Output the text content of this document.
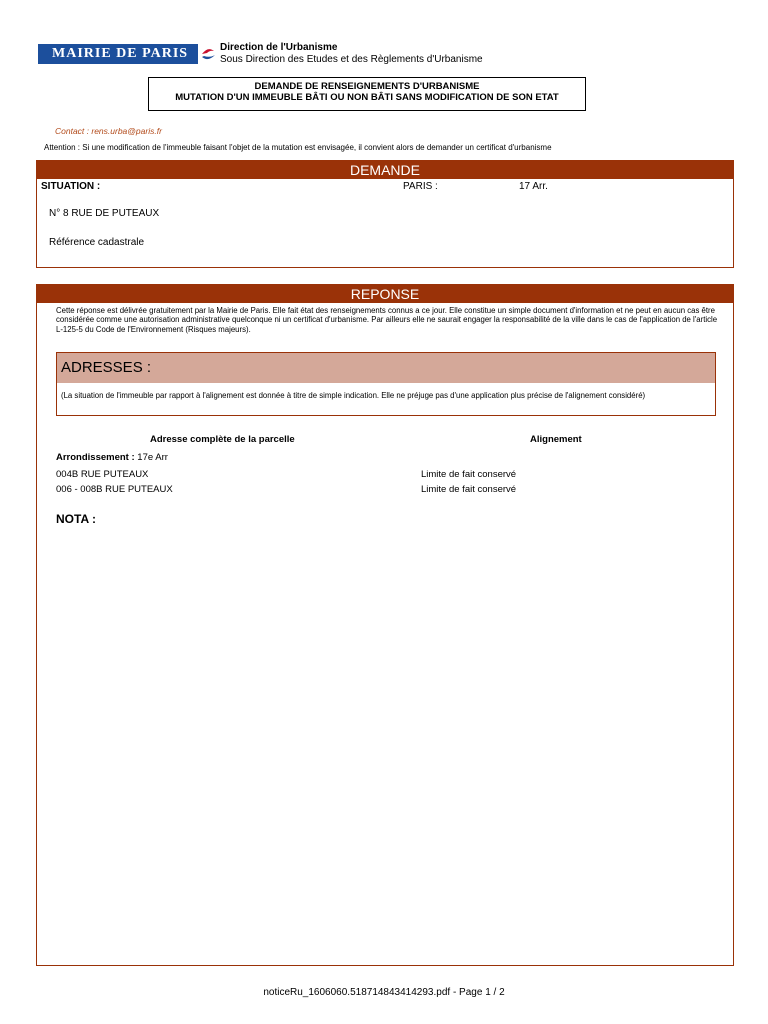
MAIRIE DE PARIS	Direction de l'Urbanisme
Sous Direction des Etudes et des Règlements d'Urbanisme
DEMANDE DE RENSEIGNEMENTS D'URBANISME
MUTATION D'UN IMMEUBLE BÂTI OU NON BÂTI SANS MODIFICATION DE SON ETAT
Contact : rens.urba@paris.fr
Attention : Si une modification de l'immeuble faisant l'objet de la mutation est envisagée, il convient alors de demander un certificat d'urbanisme
DEMANDE
SITUATION :	PARIS :	17 Arr.
N° 8 RUE DE PUTEAUX
Référence cadastrale
REPONSE
Cette réponse est délivrée gratuitement par la Mairie de Paris. Elle fait état des renseignements connus a ce jour. Elle constitue un simple document d'information et ne peut en aucun cas être considérée comme une autorisation administrative quelconque ni un certificat d'urbanisme. Par ailleurs elle ne saurait engager la responsabilité de la ville dans le cas de l'application de l'article L-125-5 du Code de l'Environnement (Risques majeurs).
ADRESSES :
(La situation de l'immeuble par rapport à l'alignement est donnée à titre de simple indication. Elle ne préjuge pas d'une application plus précise de l'alignement considéré)
Adresse complète de la parcelle	Alignement
Arrondissement : 17e Arr
004B RUE PUTEAUX	Limite de fait conservé
006 - 008B RUE PUTEAUX	Limite de fait conservé
NOTA :
noticeRu_1606060.518714843414293.pdf - Page 1 / 2
